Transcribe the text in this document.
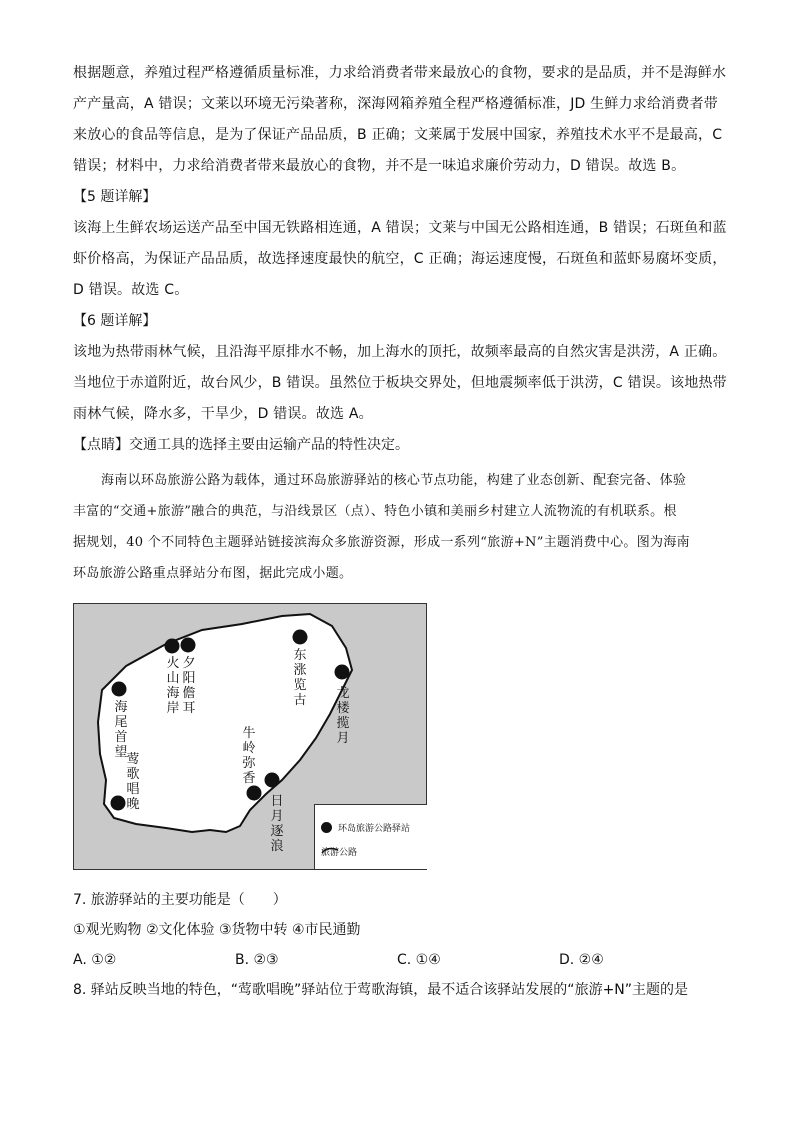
根据题意，养殖过程严格遵循质量标准，力求给消费者带来最放心的食物，要求的是品质，并不是海鲜水
产产量高，A 错误；文莱以环境无污染著称，深海网箱养殖全程严格遵循标准，JD 生鲜力求给消费者带
来放心的食品等信息，是为了保证产品品质，B 正确；文莱属于发展中国家，养殖技术水平不是最高，C
错误；材料中，力求给消费者带来最放心的食物，并不是一味追求廉价劳动力，D 错误。故选 B。

【5 题详解】

该海上生鲜农场运送产品至中国无铁路相连通，A 错误；文莱与中国无公路相连通，B 错误；石斑鱼和蓝
虾价格高，为保证产品品质，故选择速度最快的航空，C 正确；海运速度慢，石斑鱼和蓝虾易腐坏变质，
D 错误。故选 C。

【6 题详解】

该地为热带雨林气候，且沿海平原排水不畅，加上海水的顶托，故频率最高的自然灾害是洪涝，A 正确。
当地位于赤道附近，故台风少，B 错误。虽然位于板块交界处，但地震频率低于洪涝，C 错误。该地热带
雨林气候，降水多，干旱少，D 错误。故选 A。

【点睛】交通工具的选择主要由运输产品的特性决定。

海南以环岛旅游公路为载体，通过环岛旅游驿站的核心节点功能，构建了业态创新、配套完备、体验
丰富的“交通+旅游”融合的典范，与沿线景区（点）、特色小镇和美丽乡村建立人流物流的有机联系。根
据规划，40 个不同特色主题驿站链接滨海众多旅游资源，形成一系列“旅游+N”主题消费中心。图为海南
环岛旅游公路重点驿站分布图，据此完成小题。
夕阳儋耳
火山海岸
东涨览古 龙楼揽月
海尾首望
牛岭弥香
莺歌唱晚	日月逐浪
环岛旅游公路驿站
旅游公路

7. 旅游驿站的主要功能是（　　）

①观光购物 ②文化体验 ③货物中转 ④市民通勤

A. ①②	B. ②③	C. ①④	D. ②④

8. 驿站反映当地的特色，“莺歌唱晚”驿站位于莺歌海镇，最不适合该驿站发展的“旅游+N”主题的是
